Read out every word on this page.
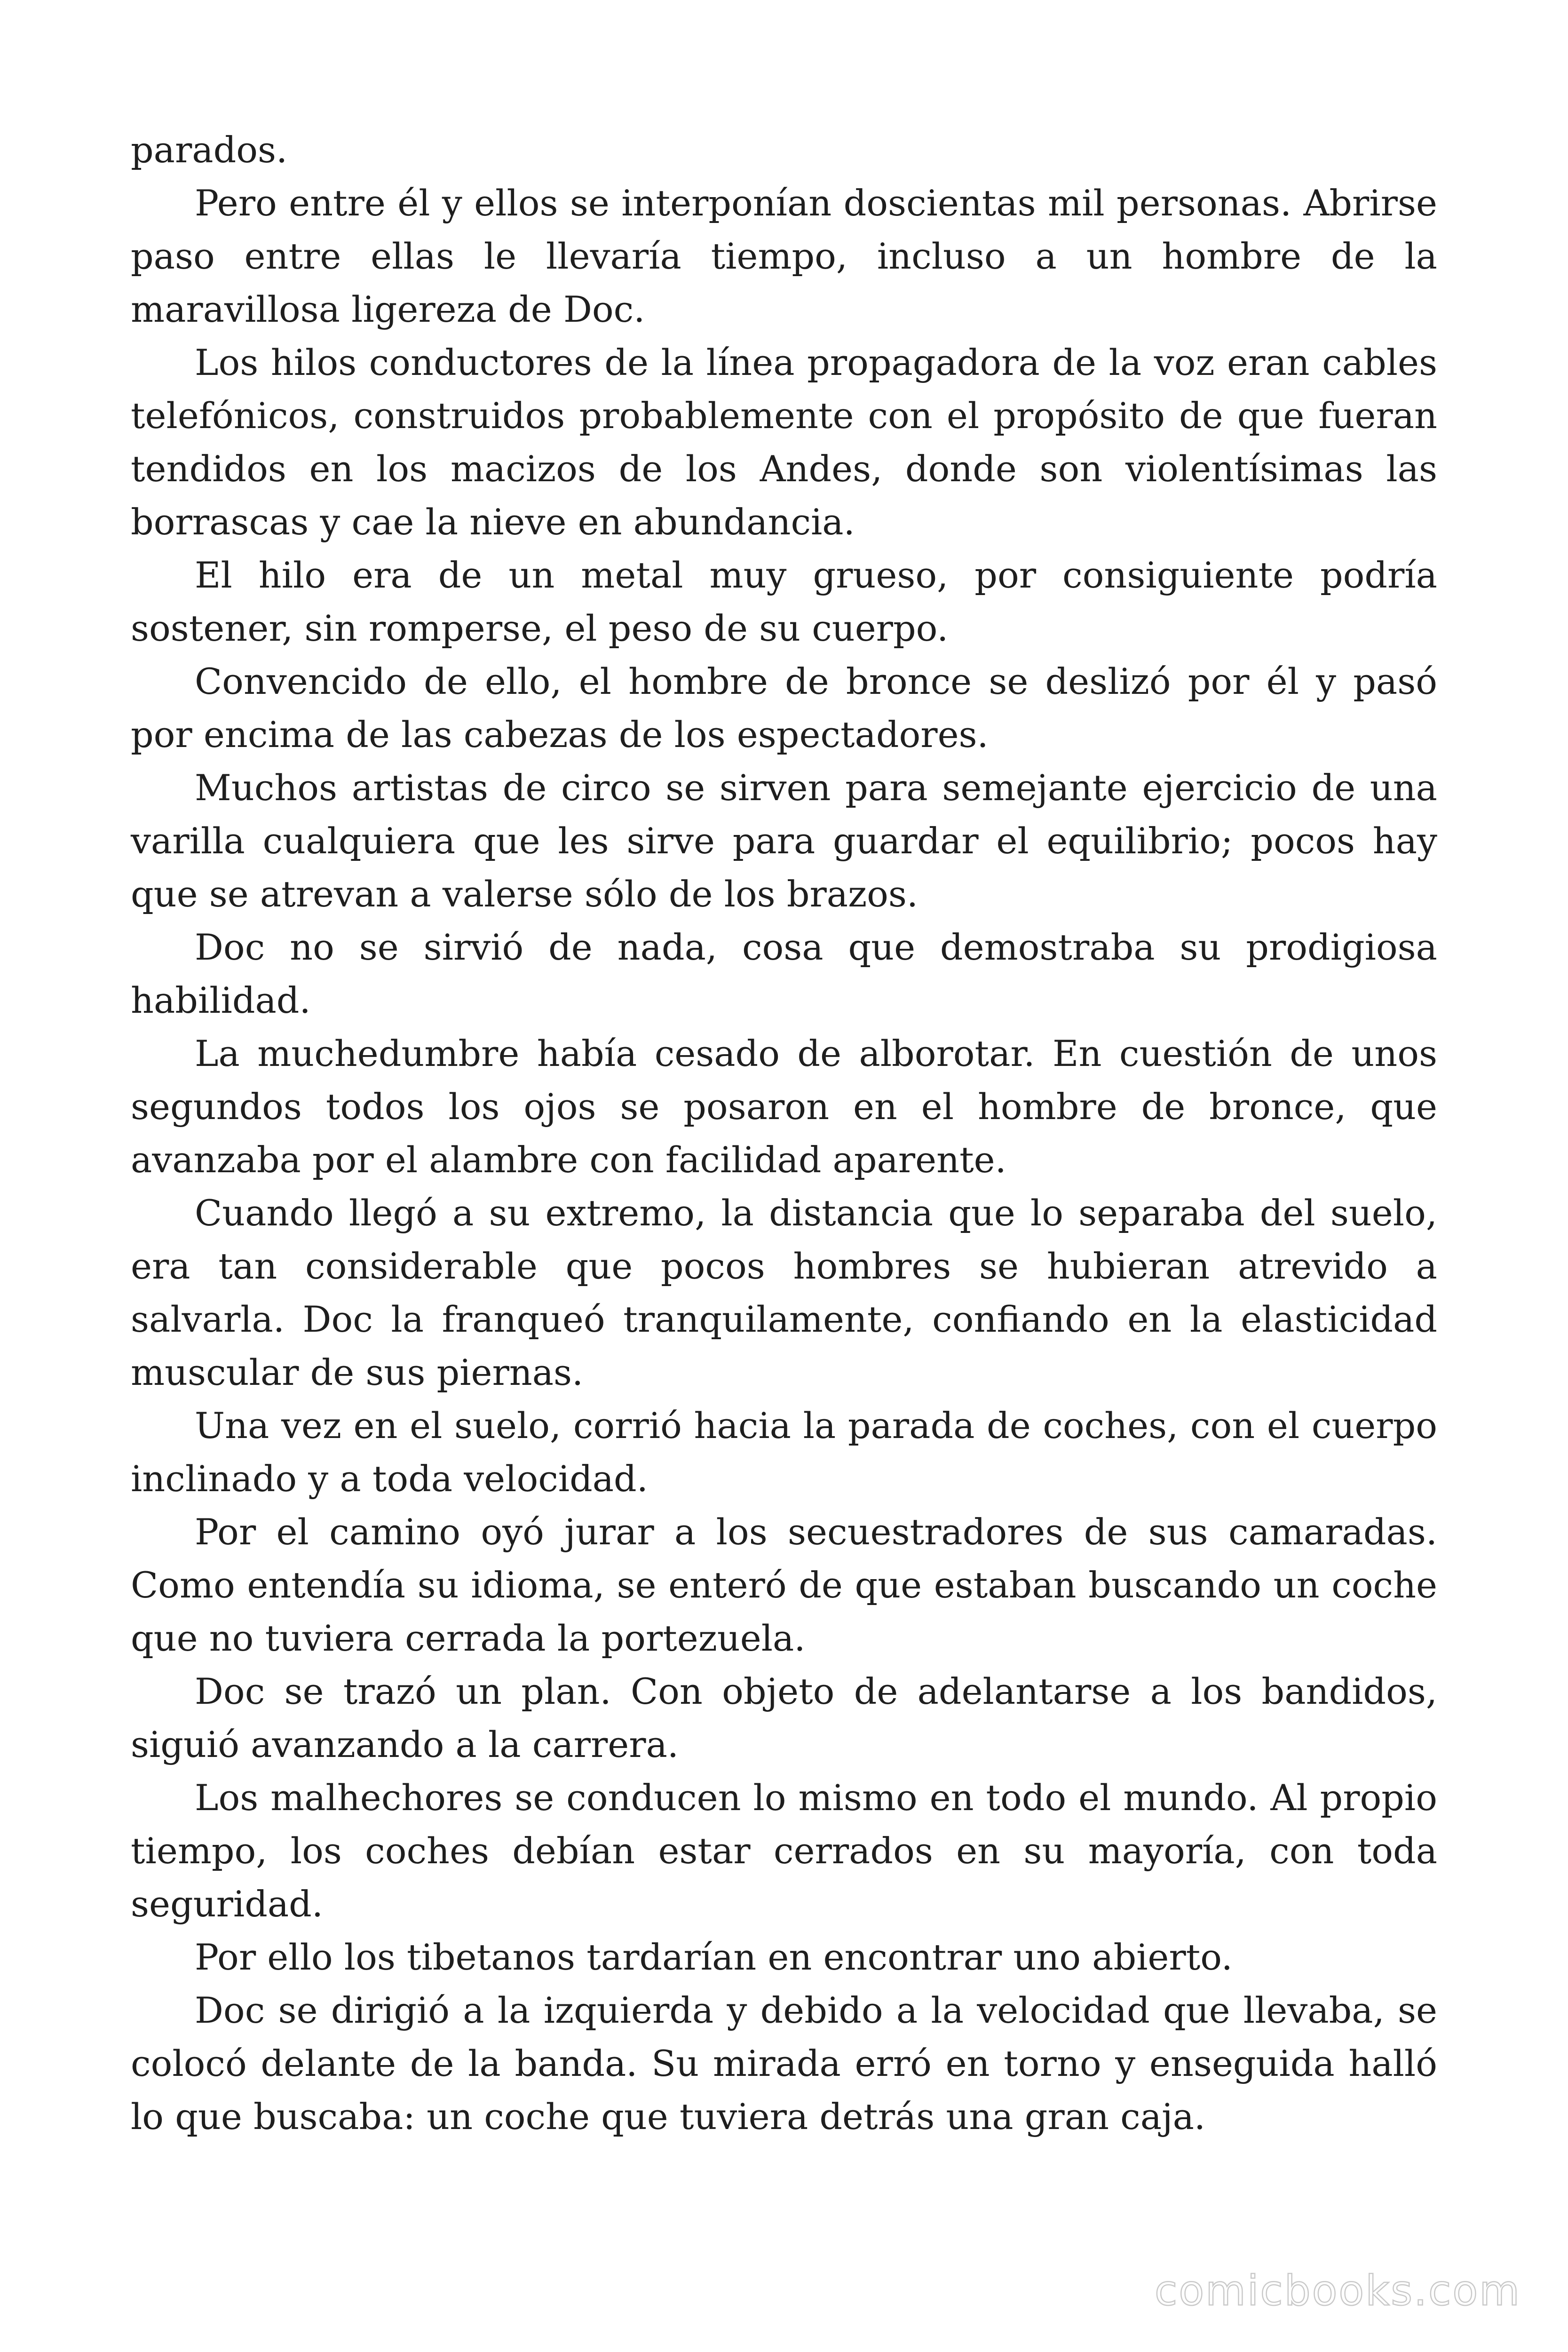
parados.

Pero entre él y ellos se interponían doscientas mil personas. Abrirse paso entre ellas le llevaría tiempo, incluso a un hombre de la maravillosa ligereza de Doc.

Los hilos conductores de la línea propagadora de la voz eran cables telefónicos, construidos probablemente con el propósito de que fueran tendidos en los macizos de los Andes, donde son violentísimas las borrascas y cae la nieve en abundancia.

El hilo era de un metal muy grueso, por consiguiente podría sostener, sin romperse, el peso de su cuerpo.

Convencido de ello, el hombre de bronce se deslizó por él y pasó por encima de las cabezas de los espectadores.

Muchos artistas de circo se sirven para semejante ejercicio de una varilla cualquiera que les sirve para guardar el equilibrio; pocos hay que se atrevan a valerse sólo de los brazos.

Doc no se sirvió de nada, cosa que demostraba su prodigiosa habilidad.

La muchedumbre había cesado de alborotar. En cuestión de unos segundos todos los ojos se posaron en el hombre de bronce, que avanzaba por el alambre con facilidad aparente.

Cuando llegó a su extremo, la distancia que lo separaba del suelo, era tan considerable que pocos hombres se hubieran atrevido a salvarla. Doc la franqueó tranquilamente, confiando en la elasticidad muscular de sus piernas.

Una vez en el suelo, corrió hacia la parada de coches, con el cuerpo inclinado y a toda velocidad.

Por el camino oyó jurar a los secuestradores de sus camaradas. Como entendía su idioma, se enteró de que estaban buscando un coche que no tuviera cerrada la portezuela.

Doc se trazó un plan. Con objeto de adelantarse a los bandidos, siguió avanzando a la carrera.

Los malhechores se conducen lo mismo en todo el mundo. Al propio tiempo, los coches debían estar cerrados en su mayoría, con toda seguridad.

Por ello los tibetanos tardarían en encontrar uno abierto.

Doc se dirigió a la izquierda y debido a la velocidad que llevaba, se colocó delante de la banda. Su mirada erró en torno y enseguida halló lo que buscaba: un coche que tuviera detrás una gran caja.

comicbooks.com
